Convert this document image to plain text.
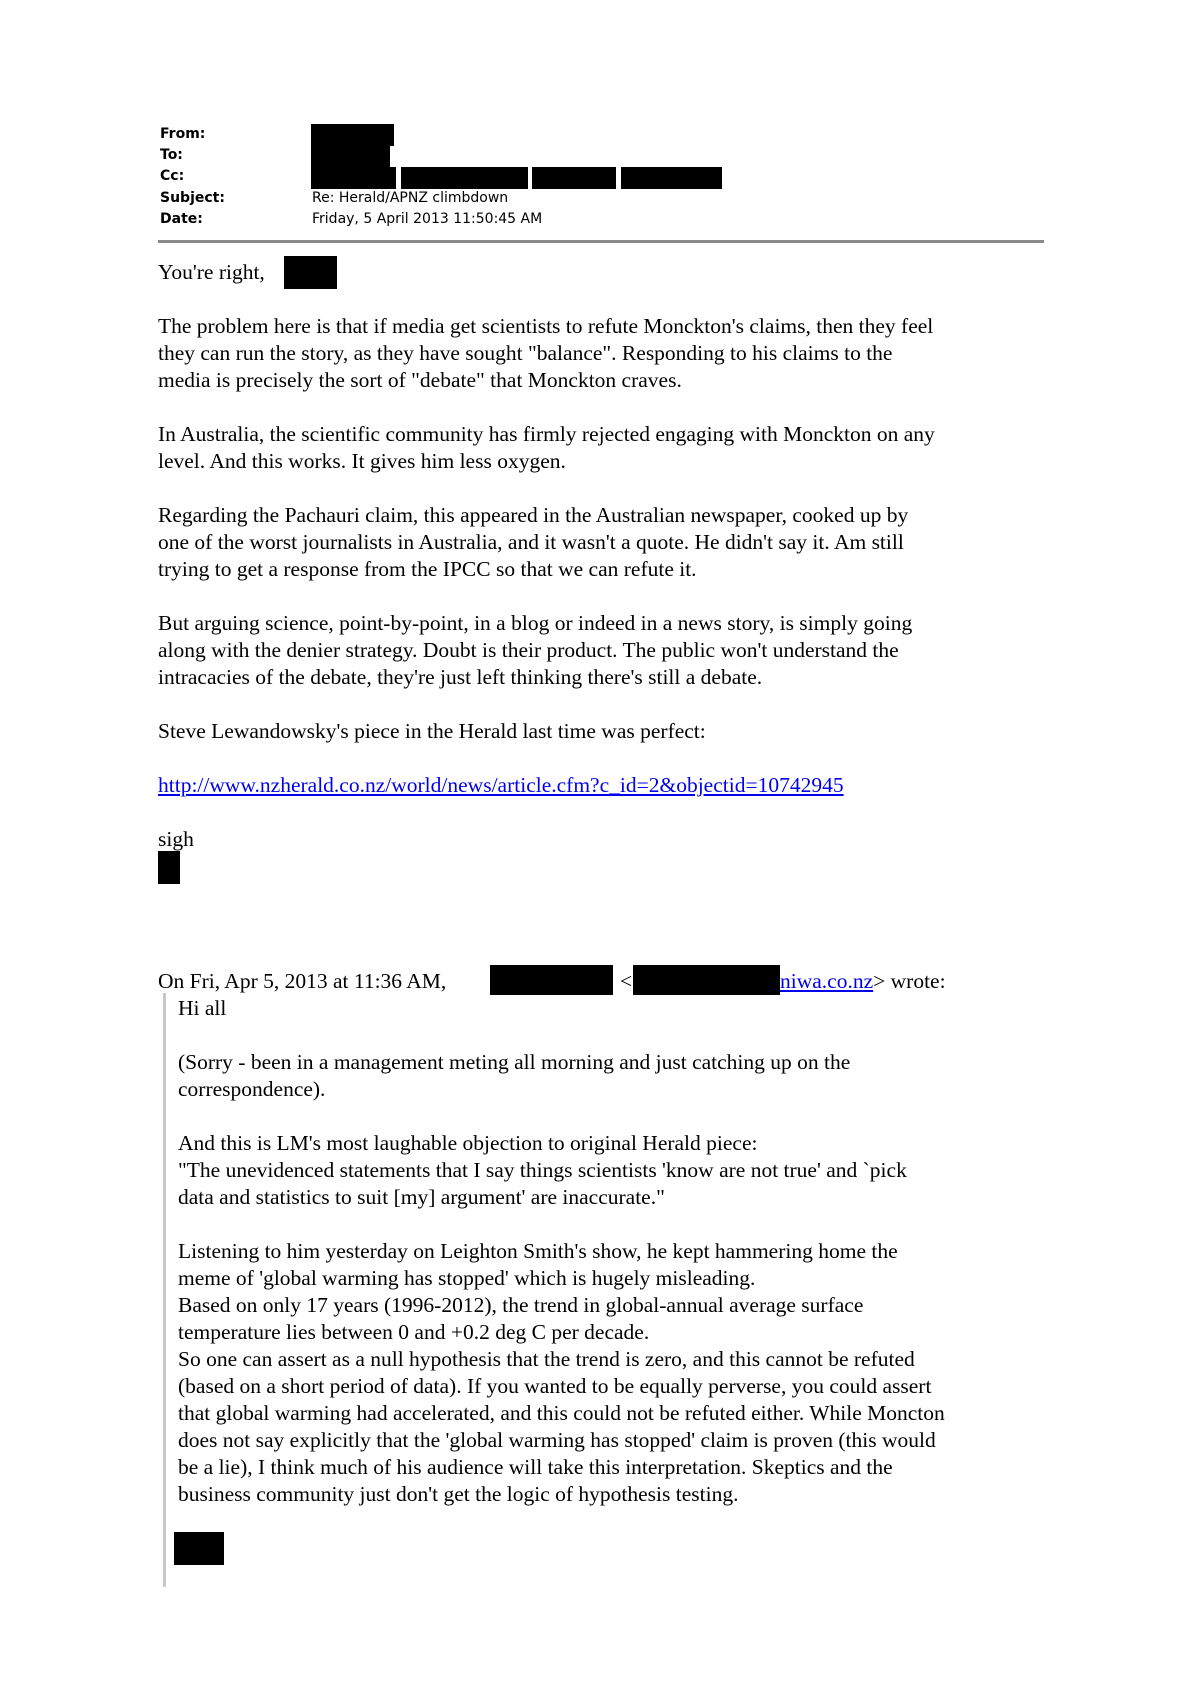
From:
To:
Cc:
Subject:
Date:
Re: Herald/APNZ climbdown
Friday, 5 April 2013 11:50:45 AM
You're right,
The problem here is that if media get scientists to refute Monckton's claims, then they feel
they can run the story, as they have sought "balance". Responding to his claims to the
media is precisely the sort of "debate" that Monckton craves.
In Australia, the scientific community has firmly rejected engaging with Monckton on any
level. And this works. It gives him less oxygen.
Regarding the Pachauri claim, this appeared in the Australian newspaper, cooked up by
one of the worst journalists in Australia, and it wasn't a quote. He didn't say it. Am still
trying to get a response from the IPCC so that we can refute it.
But arguing science, point-by-point, in a blog or indeed in a news story, is simply going
along with the denier strategy. Doubt is their product. The public won't understand the
intracacies of the debate, they're just left thinking there's still a debate.
Steve Lewandowsky's piece in the Herald last time was perfect:
http://www.nzherald.co.nz/world/news/article.cfm?c_id=2&objectid=10742945
sigh
On Fri, Apr 5, 2013 at 11:36 AM,	<	niwa.co.nz> wrote:
Hi all
(Sorry - been in a management meting all morning and just catching up on the
correspondence).
And this is LM's most laughable objection to original Herald piece:
"The unevidenced statements that I say things scientists 'know are not true' and `pick
data and statistics to suit [my] argument' are inaccurate."
Listening to him yesterday on Leighton Smith's show, he kept hammering home the
meme of 'global warming has stopped' which is hugely misleading.
Based on only 17 years (1996-2012), the trend in global-annual average surface
temperature lies between 0 and +0.2 deg C per decade.
So one can assert as a null hypothesis that the trend is zero, and this cannot be refuted
(based on a short period of data). If you wanted to be equally perverse, you could assert
that global warming had accelerated, and this could not be refuted either. While Moncton
does not say explicitly that the 'global warming has stopped' claim is proven (this would
be a lie), I think much of his audience will take this interpretation. Skeptics and the
business community just don't get the logic of hypothesis testing.
